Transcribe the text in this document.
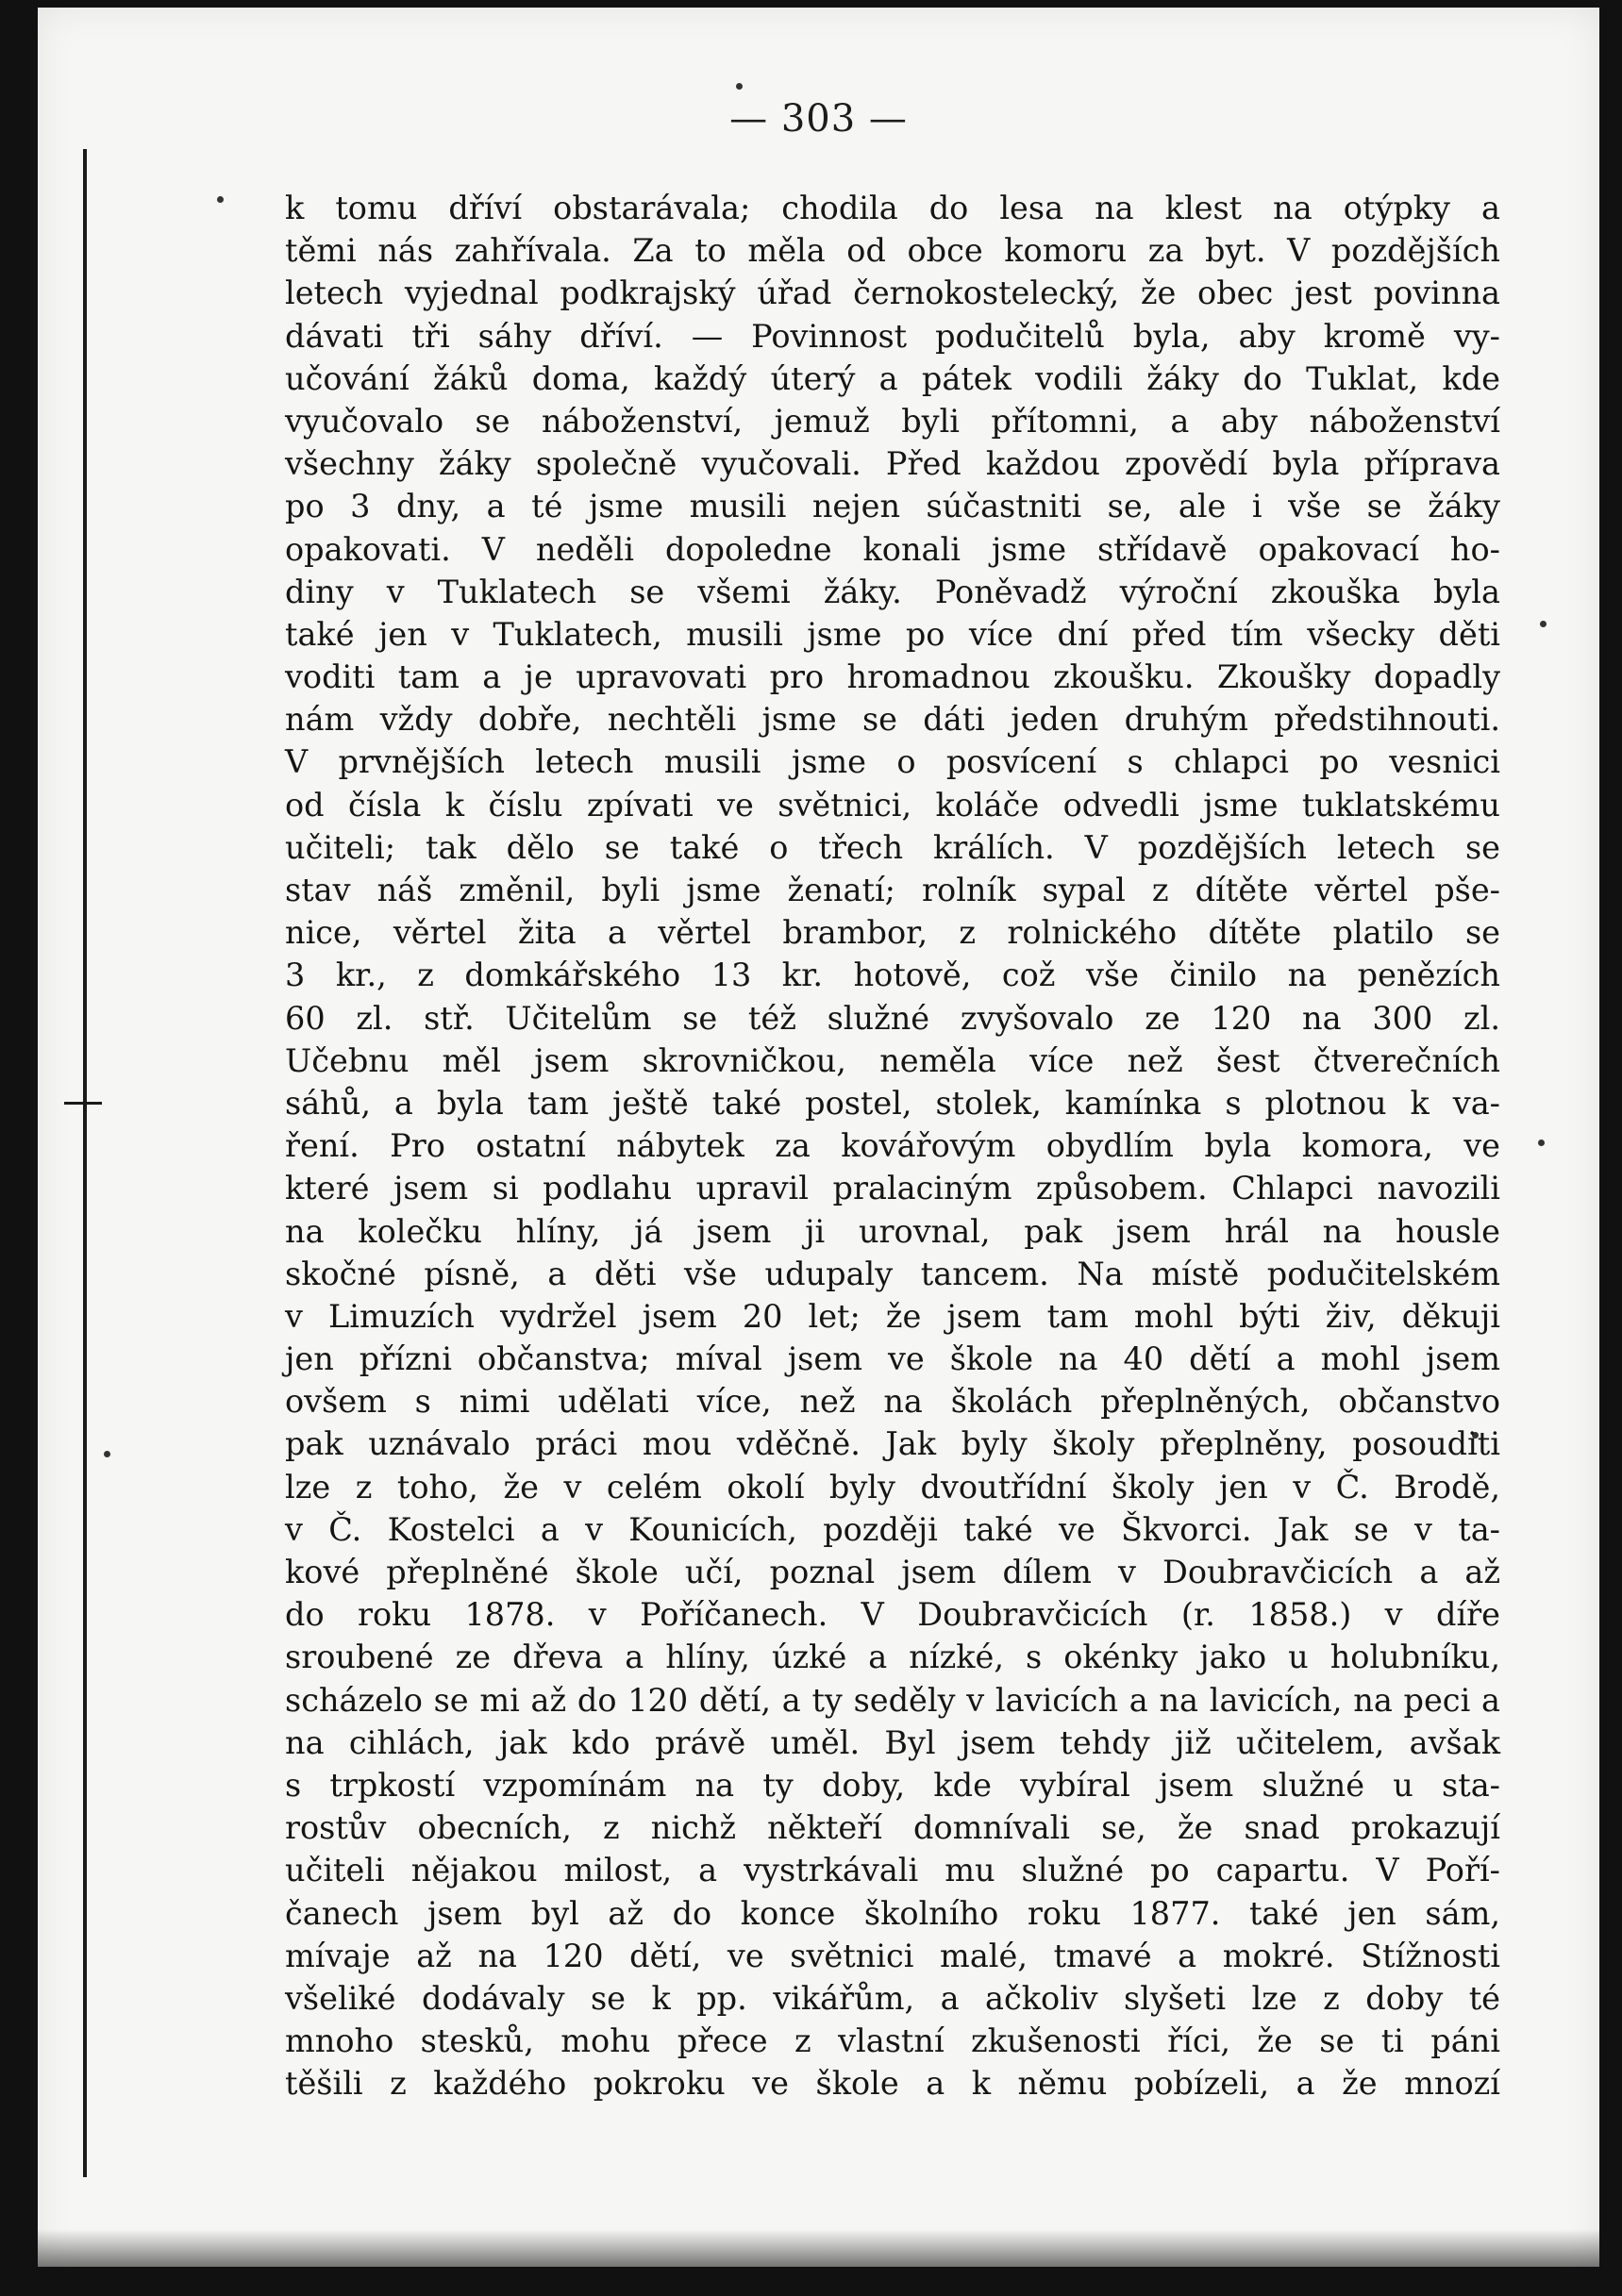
— 303 —
k tomu dříví obstarávala; chodila do lesa na klest na otýpky a
těmi nás zahřívala. Za to měla od obce komoru za byt. V pozdějších
letech vyjednal podkrajský úřad černokostelecký, že obec jest povinna
dávati tři sáhy dříví. — Povinnost podučitelů byla, aby kromě vy-
učování žáků doma, každý úterý a pátek vodili žáky do Tuklat, kde
vyučovalo se náboženství, jemuž byli přítomni, a aby náboženství
všechny žáky společně vyučovali. Před každou zpovědí byla příprava
po 3 dny, a té jsme musili nejen súčastniti se, ale i vše se žáky
opakovati. V neděli dopoledne konali jsme střídavě opakovací ho-
diny v Tuklatech se všemi žáky. Poněvadž výroční zkouška byla
také jen v Tuklatech, musili jsme po více dní před tím všecky děti
voditi tam a je upravovati pro hromadnou zkoušku. Zkoušky dopadly
nám vždy dobře, nechtěli jsme se dáti jeden druhým předstihnouti.
V prvnějších letech musili jsme o posvícení s chlapci po vesnici
od čísla k číslu zpívati ve světnici, koláče odvedli jsme tuklatskému
učiteli; tak dělo se také o třech králích. V pozdějších letech se
stav náš změnil, byli jsme ženatí; rolník sypal z dítěte věrtel pše-
nice, věrtel žita a věrtel brambor, z rolnického dítěte platilo se
3 kr., z domkářského 13 kr. hotově, což vše činilo na penězích
60 zl. stř. Učitelům se též služné zvyšovalo ze 120 na 300 zl.
Učebnu měl jsem skrovničkou, neměla více než šest čtverečních
sáhů, a byla tam ještě také postel, stolek, kamínka s plotnou k va-
ření. Pro ostatní nábytek za kovářovým obydlím byla komora, ve
které jsem si podlahu upravil pralaciným způsobem. Chlapci navozili
na kolečku hlíny, já jsem ji urovnal, pak jsem hrál na housle
skočné písně, a děti vše udupaly tancem. Na místě podučitelském
v Limuzích vydržel jsem 20 let; že jsem tam mohl býti živ, děkuji
jen přízni občanstva; míval jsem ve škole na 40 dětí a mohl jsem
ovšem s nimi udělati více, než na školách přeplněných, občanstvo
pak uznávalo práci mou vděčně. Jak byly školy přeplněny, posouditi
lze z toho, že v celém okolí byly dvoutřídní školy jen v Č. Brodě,
v Č. Kostelci a v Kounicích, později také ve Škvorci. Jak se v ta-
kové přeplněné škole učí, poznal jsem dílem v Doubravčicích a až
do roku 1878. v Poříčanech. V Doubravčicích (r. 1858.) v díře
sroubené ze dřeva a hlíny, úzké a nízké, s okénky jako u holubníku,
scházelo se mi až do 120 dětí, a ty seděly v lavicích a na lavicích, na peci a
na cihlách, jak kdo právě uměl. Byl jsem tehdy již učitelem, avšak
s trpkostí vzpomínám na ty doby, kde vybíral jsem služné u sta-
rostův obecních, z nichž někteří domnívali se, že snad prokazují
učiteli nějakou milost, a vystrkávali mu služné po capartu. V Poří-
čanech jsem byl až do konce školního roku 1877. také jen sám,
mívaje až na 120 dětí, ve světnici malé, tmavé a mokré. Stížnosti
všeliké dodávaly se k pp. vikářům, a ačkoliv slyšeti lze z doby té
mnoho stesků, mohu přece z vlastní zkušenosti říci, že se ti páni
těšili z každého pokroku ve škole a k němu pobízeli, a že mnozí
